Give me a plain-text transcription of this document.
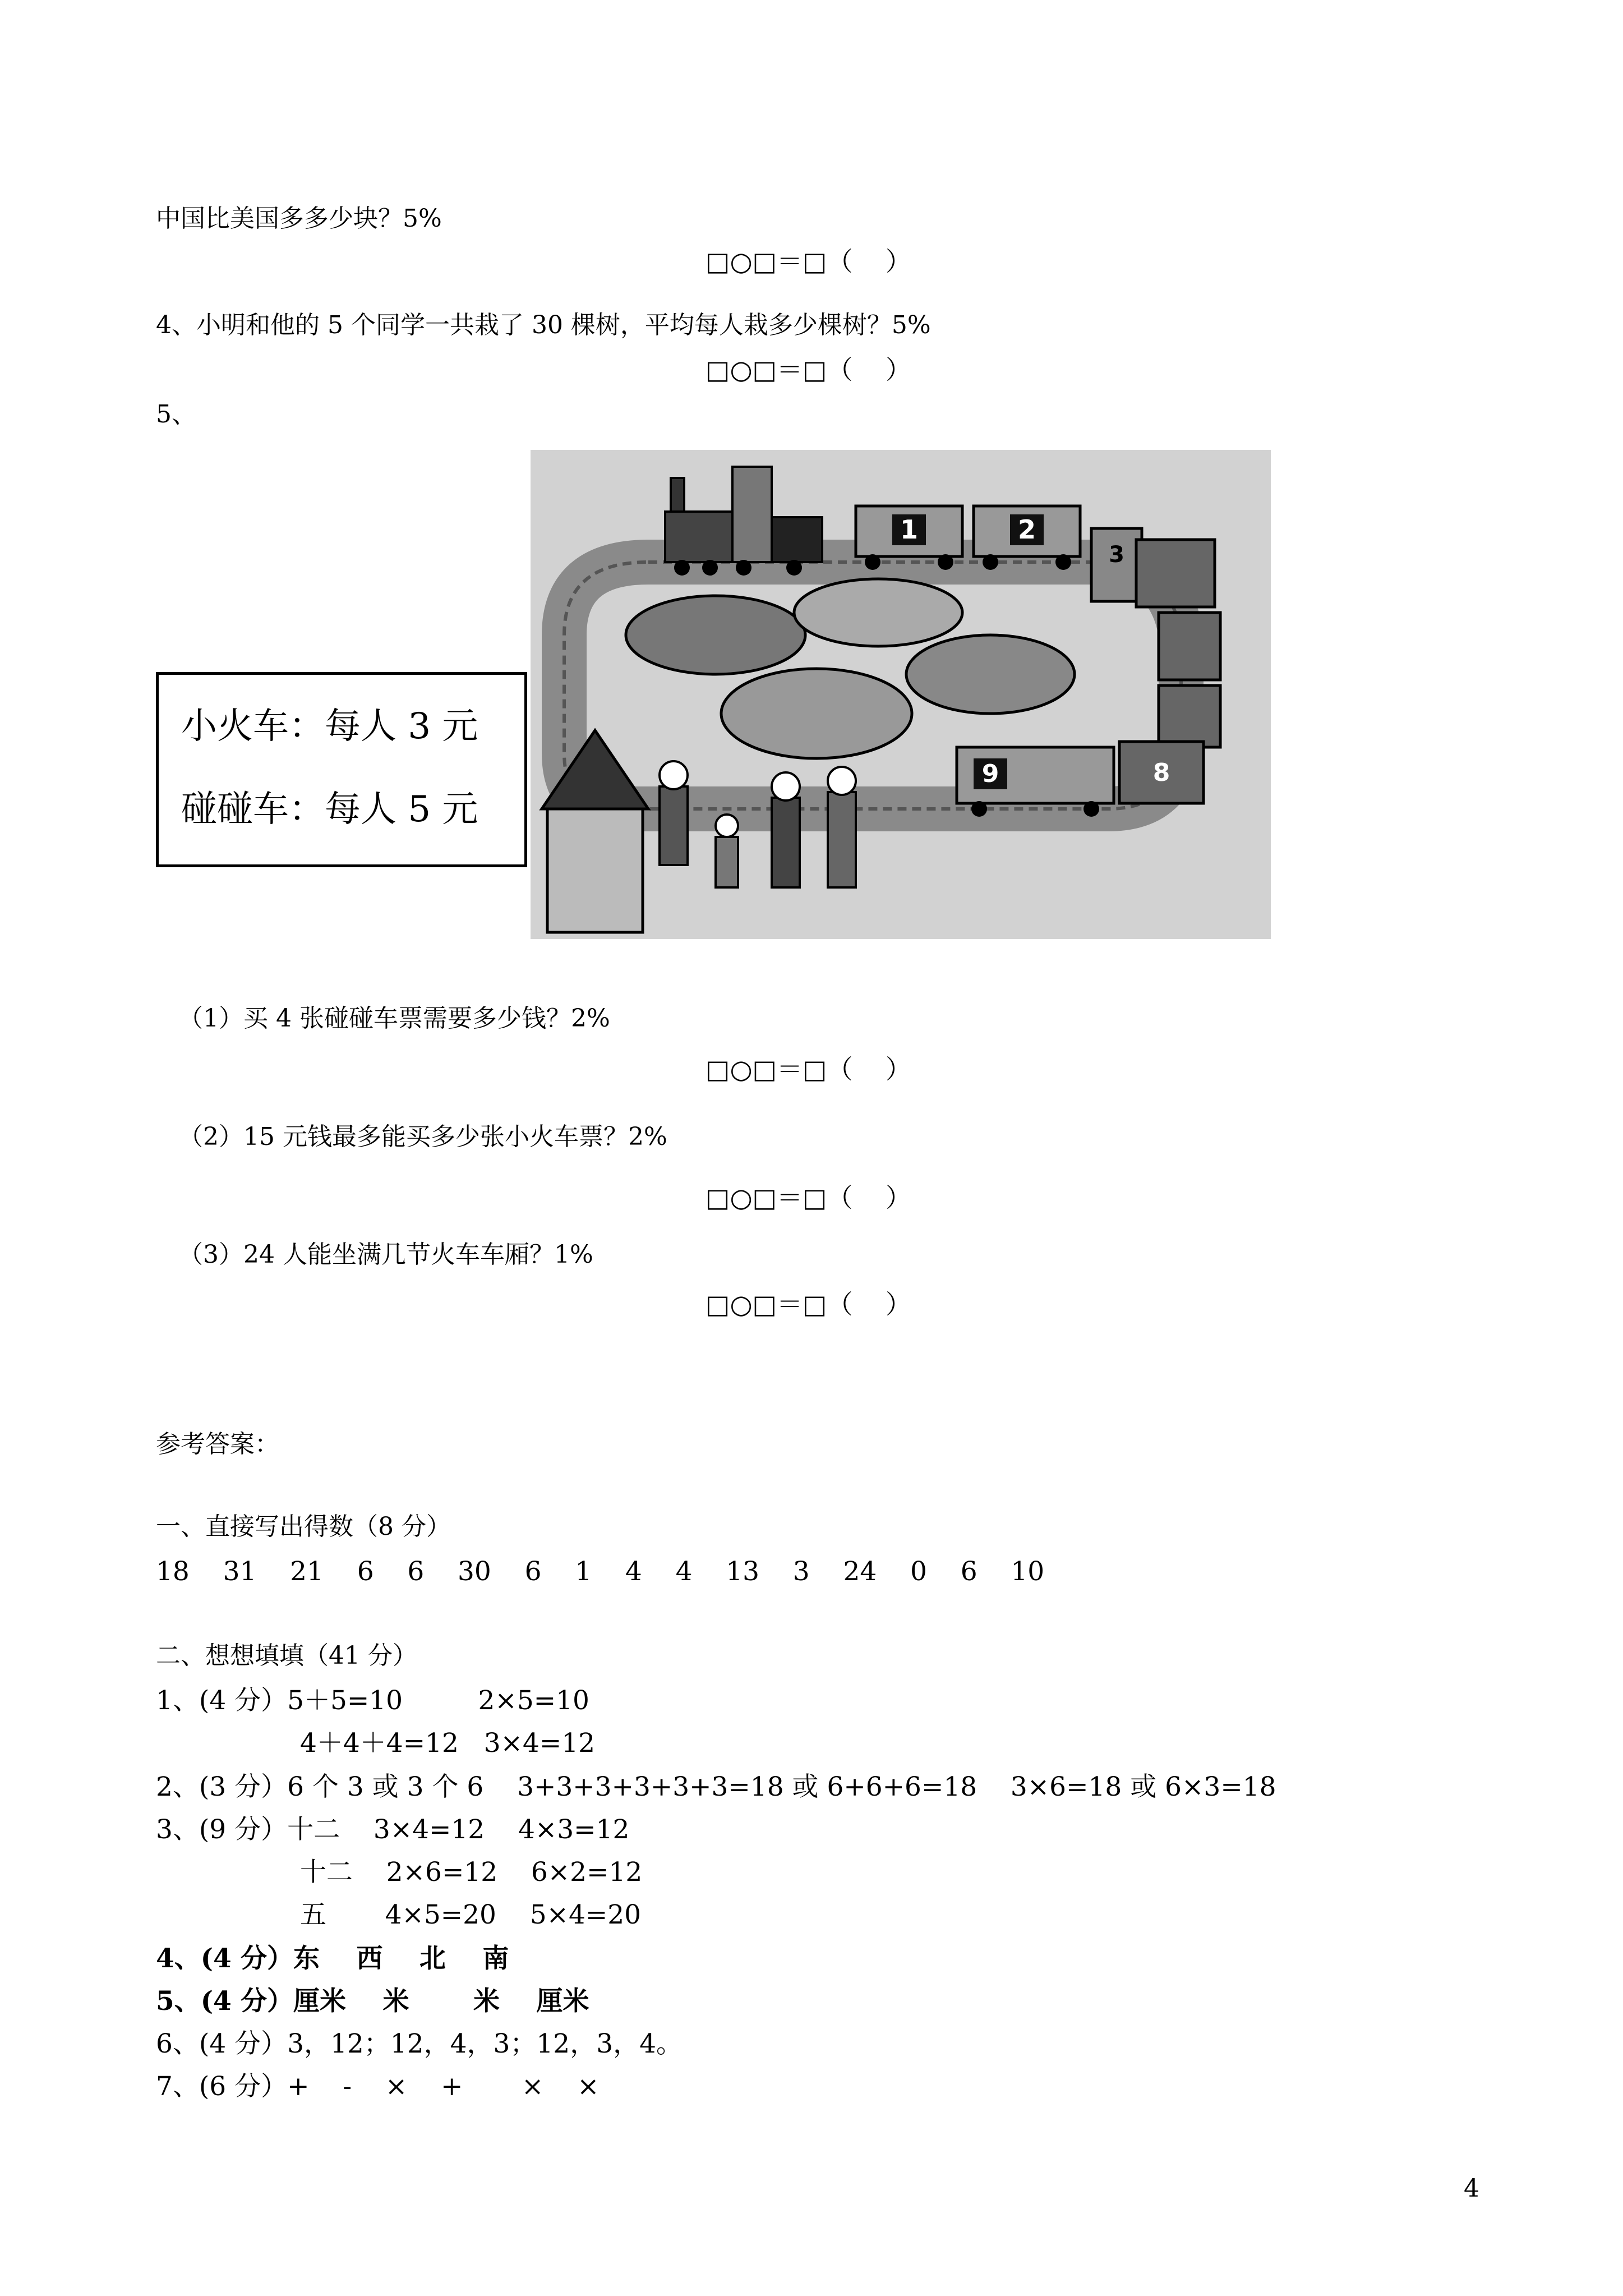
中国比美国多多少块？5%
□○□＝□（    ）
4、小明和他的 5 个同学一共栽了 30 棵树，平均每人栽多少棵树？5%
□○□＝□（    ）
5、
小火车：每人 3 元
碰碰车：每人 5 元
1	2
3
8
9
（1）买 4 张碰碰车票需要多少钱？2%
□○□＝□（    ）
（2）15 元钱最多能买多少张小火车票？2%
□○□＝□（    ）
（3）24 人能坐满几节火车车厢？1%
□○□＝□（    ）
参考答案：
一、直接写出得数（8 分）
18    31    21    6    6    30    6    1    4    4    13    3    24    0    6    10
二、想想填填（41 分）
1、(4 分）5＋5=10         2×5=10
4＋4＋4=12   3×4=12
2、(3 分）6 个 3 或 3 个 6    3+3+3+3+3+3=18 或 6+6+6=18    3×6=18 或 6×3=18
3、(9 分）十二    3×4=12    4×3=12
十二    2×6=12    6×2=12
五       4×5=20    5×4=20
4、(4 分）东    西    北    南
5、(4 分）厘米    米       米    厘米
6、(4 分）3，12；12，4，3；12，3，4。
7、(6 分）+    -    ×    +       ×    ×
4
